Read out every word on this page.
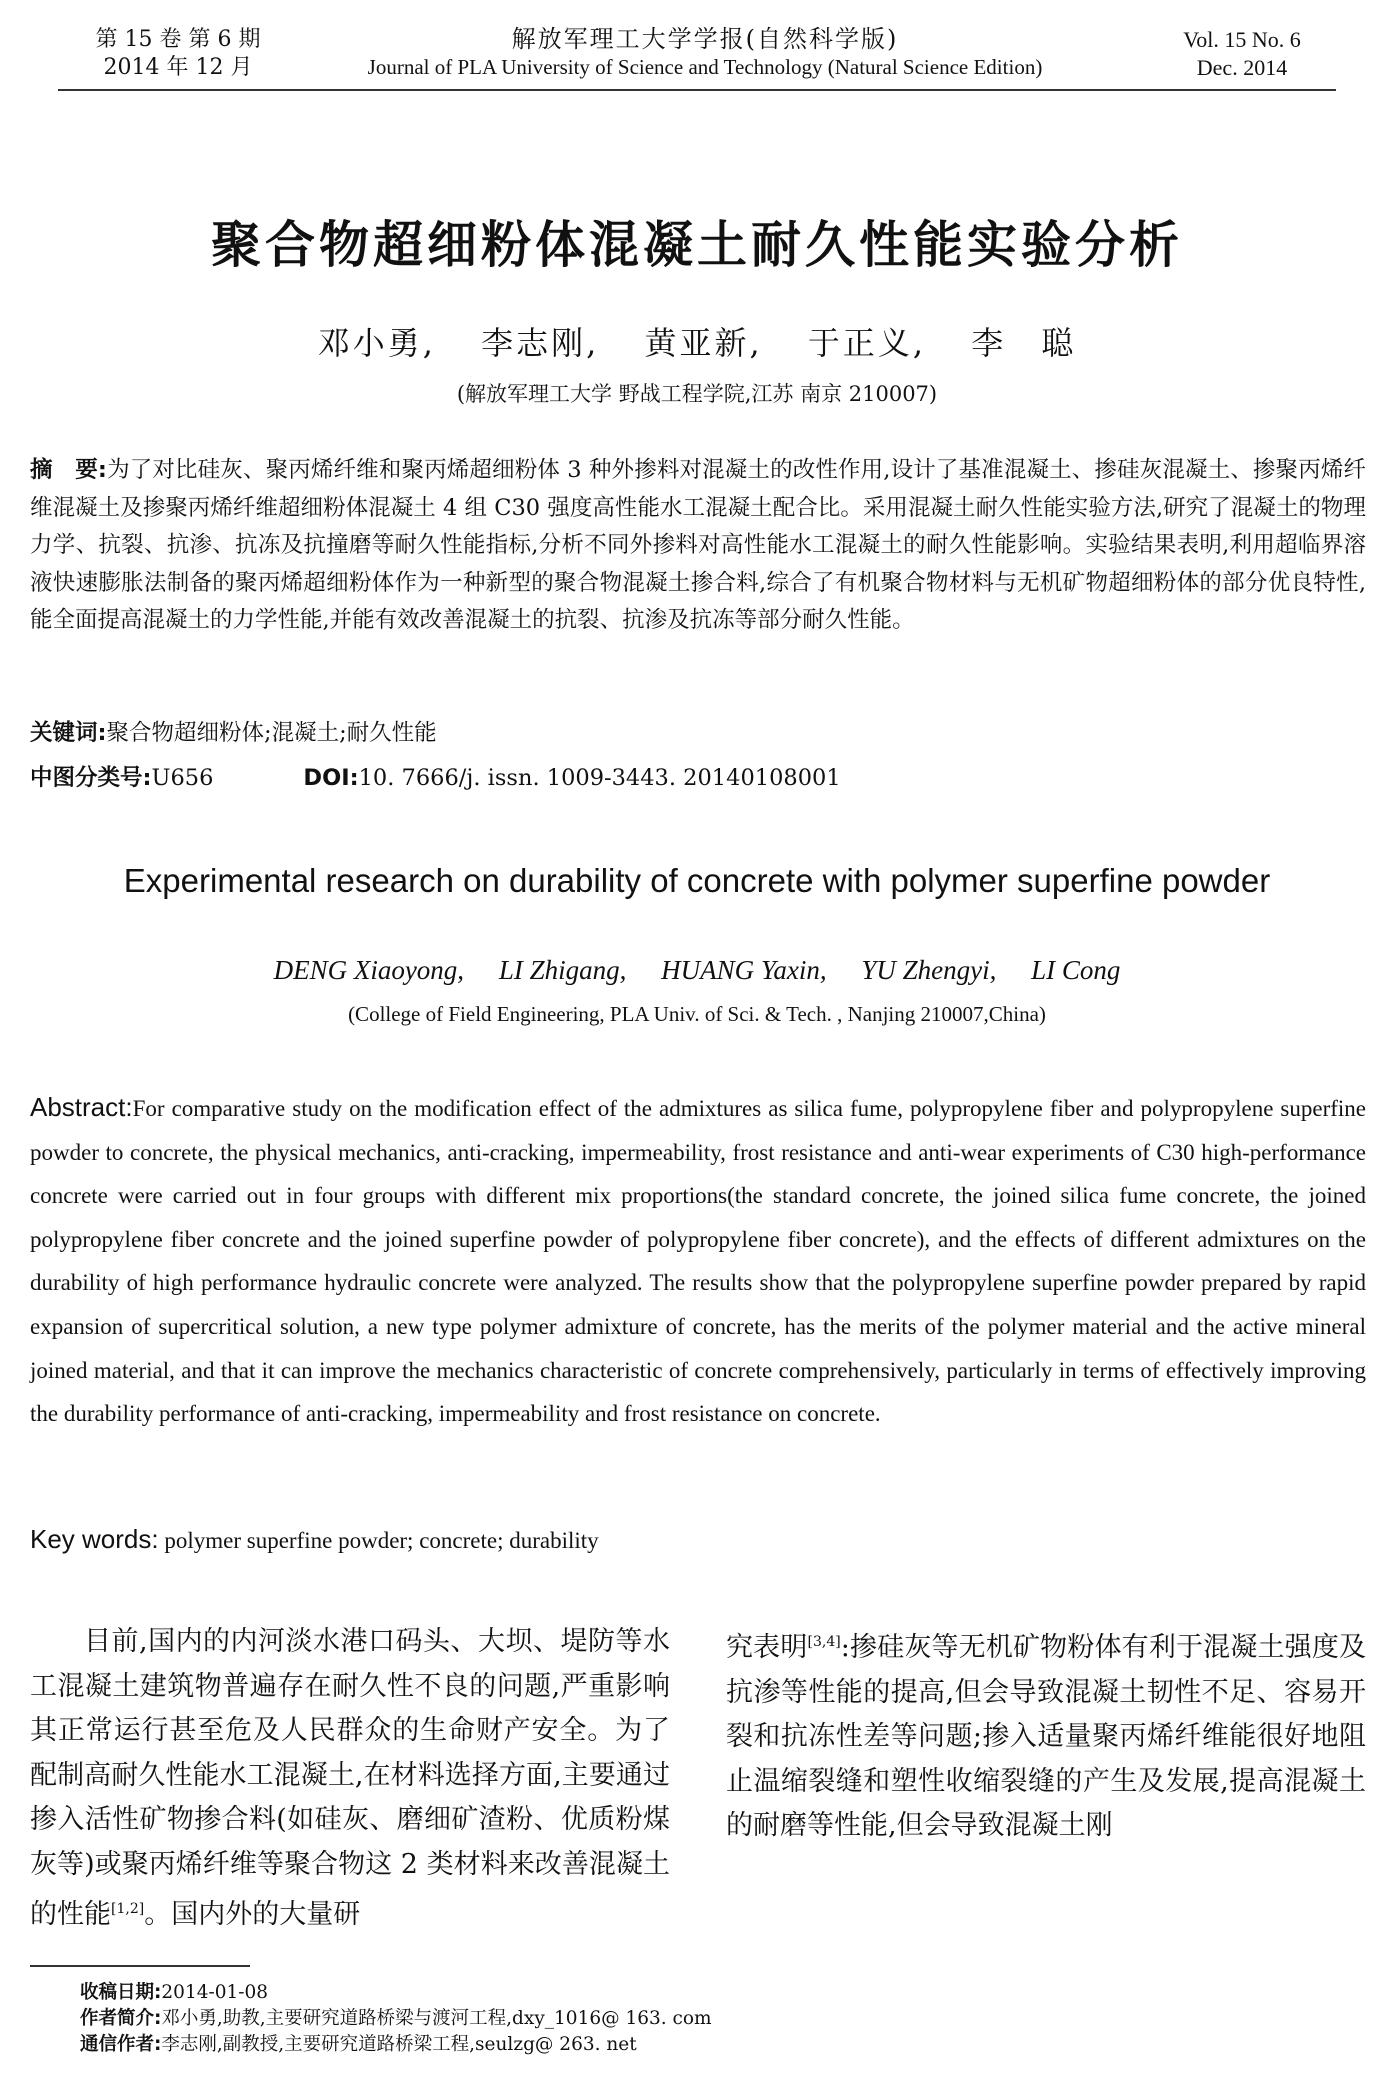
第 15 卷 第 6 期
2014 年 12 月
解放军理工大学学报(自然科学版)
Journal of PLA University of Science and Technology (Natural Science Edition)
Vol. 15 No. 6
Dec. 2014
聚合物超细粉体混凝土耐久性能实验分析
邓小勇, 李志刚, 黄亚新, 于正义, 李　聪
(解放军理工大学 野战工程学院,江苏 南京 210007)
摘　要:为了对比硅灰、聚丙烯纤维和聚丙烯超细粉体 3 种外掺料对混凝土的改性作用,设计了基准混凝土、掺硅灰混凝土、掺聚丙烯纤维混凝土及掺聚丙烯纤维超细粉体混凝土 4 组 C30 强度高性能水工混凝土配合比。采用混凝土耐久性能实验方法,研究了混凝土的物理力学、抗裂、抗渗、抗冻及抗撞磨等耐久性能指标,分析不同外掺料对高性能水工混凝土的耐久性能影响。实验结果表明,利用超临界溶液快速膨胀法制备的聚丙烯超细粉体作为一种新型的聚合物混凝土掺合料,综合了有机聚合物材料与无机矿物超细粉体的部分优良特性,能全面提高混凝土的力学性能,并能有效改善混凝土的抗裂、抗渗及抗冻等部分耐久性能。
关键词:聚合物超细粉体;混凝土;耐久性能
中图分类号:U656	DOI:10. 7666/j. issn. 1009-3443. 20140108001
Experimental research on durability of concrete with polymer superfine powder
DENG Xiaoyong, LI Zhigang, HUANG Yaxin, YU Zhengyi, LI Cong
(College of Field Engineering, PLA Univ. of Sci. & Tech. , Nanjing 210007,China)
Abstract:For comparative study on the modification effect of the admixtures as silica fume, polypropylene fiber and polypropylene superfine powder to concrete, the physical mechanics, anti-cracking, impermeability, frost resistance and anti-wear experiments of C30 high-performance concrete were carried out in four groups with different mix proportions(the standard concrete, the joined silica fume concrete, the joined polypropylene fiber concrete and the joined superfine powder of polypropylene fiber concrete), and the effects of different admixtures on the durability of high performance hydraulic concrete were analyzed. The results show that the polypropylene superfine powder prepared by rapid expansion of supercritical solution, a new type polymer admixture of concrete, has the merits of the polymer material and the active mineral joined material, and that it can improve the mechanics characteristic of concrete comprehensively, particularly in terms of effectively improving the durability performance of anti-cracking, impermeability and frost resistance on concrete.
Key words: polymer superfine powder; concrete; durability
目前,国内的内河淡水港口码头、大坝、堤防等水工混凝土建筑物普遍存在耐久性不良的问题,严重影响其正常运行甚至危及人民群众的生命财产安全。为了配制高耐久性能水工混凝土,在材料选择方面,主要通过掺入活性矿物掺合料(如硅灰、磨细矿渣粉、优质粉煤灰等)或聚丙烯纤维等聚合物这 2 类材料来改善混凝土的性能[1,2]。国内外的大量研
究表明[3,4]:掺硅灰等无机矿物粉体有利于混凝土强度及抗渗等性能的提高,但会导致混凝土韧性不足、容易开裂和抗冻性差等问题;掺入适量聚丙烯纤维能很好地阻止温缩裂缝和塑性收缩裂缝的产生及发展,提高混凝土的耐磨等性能,但会导致混凝土刚
收稿日期:2014-01-08
作者简介:邓小勇,助教,主要研究道路桥梁与渡河工程,dxy_1016@ 163. com
通信作者:李志刚,副教授,主要研究道路桥梁工程,seulzg@ 263. net
